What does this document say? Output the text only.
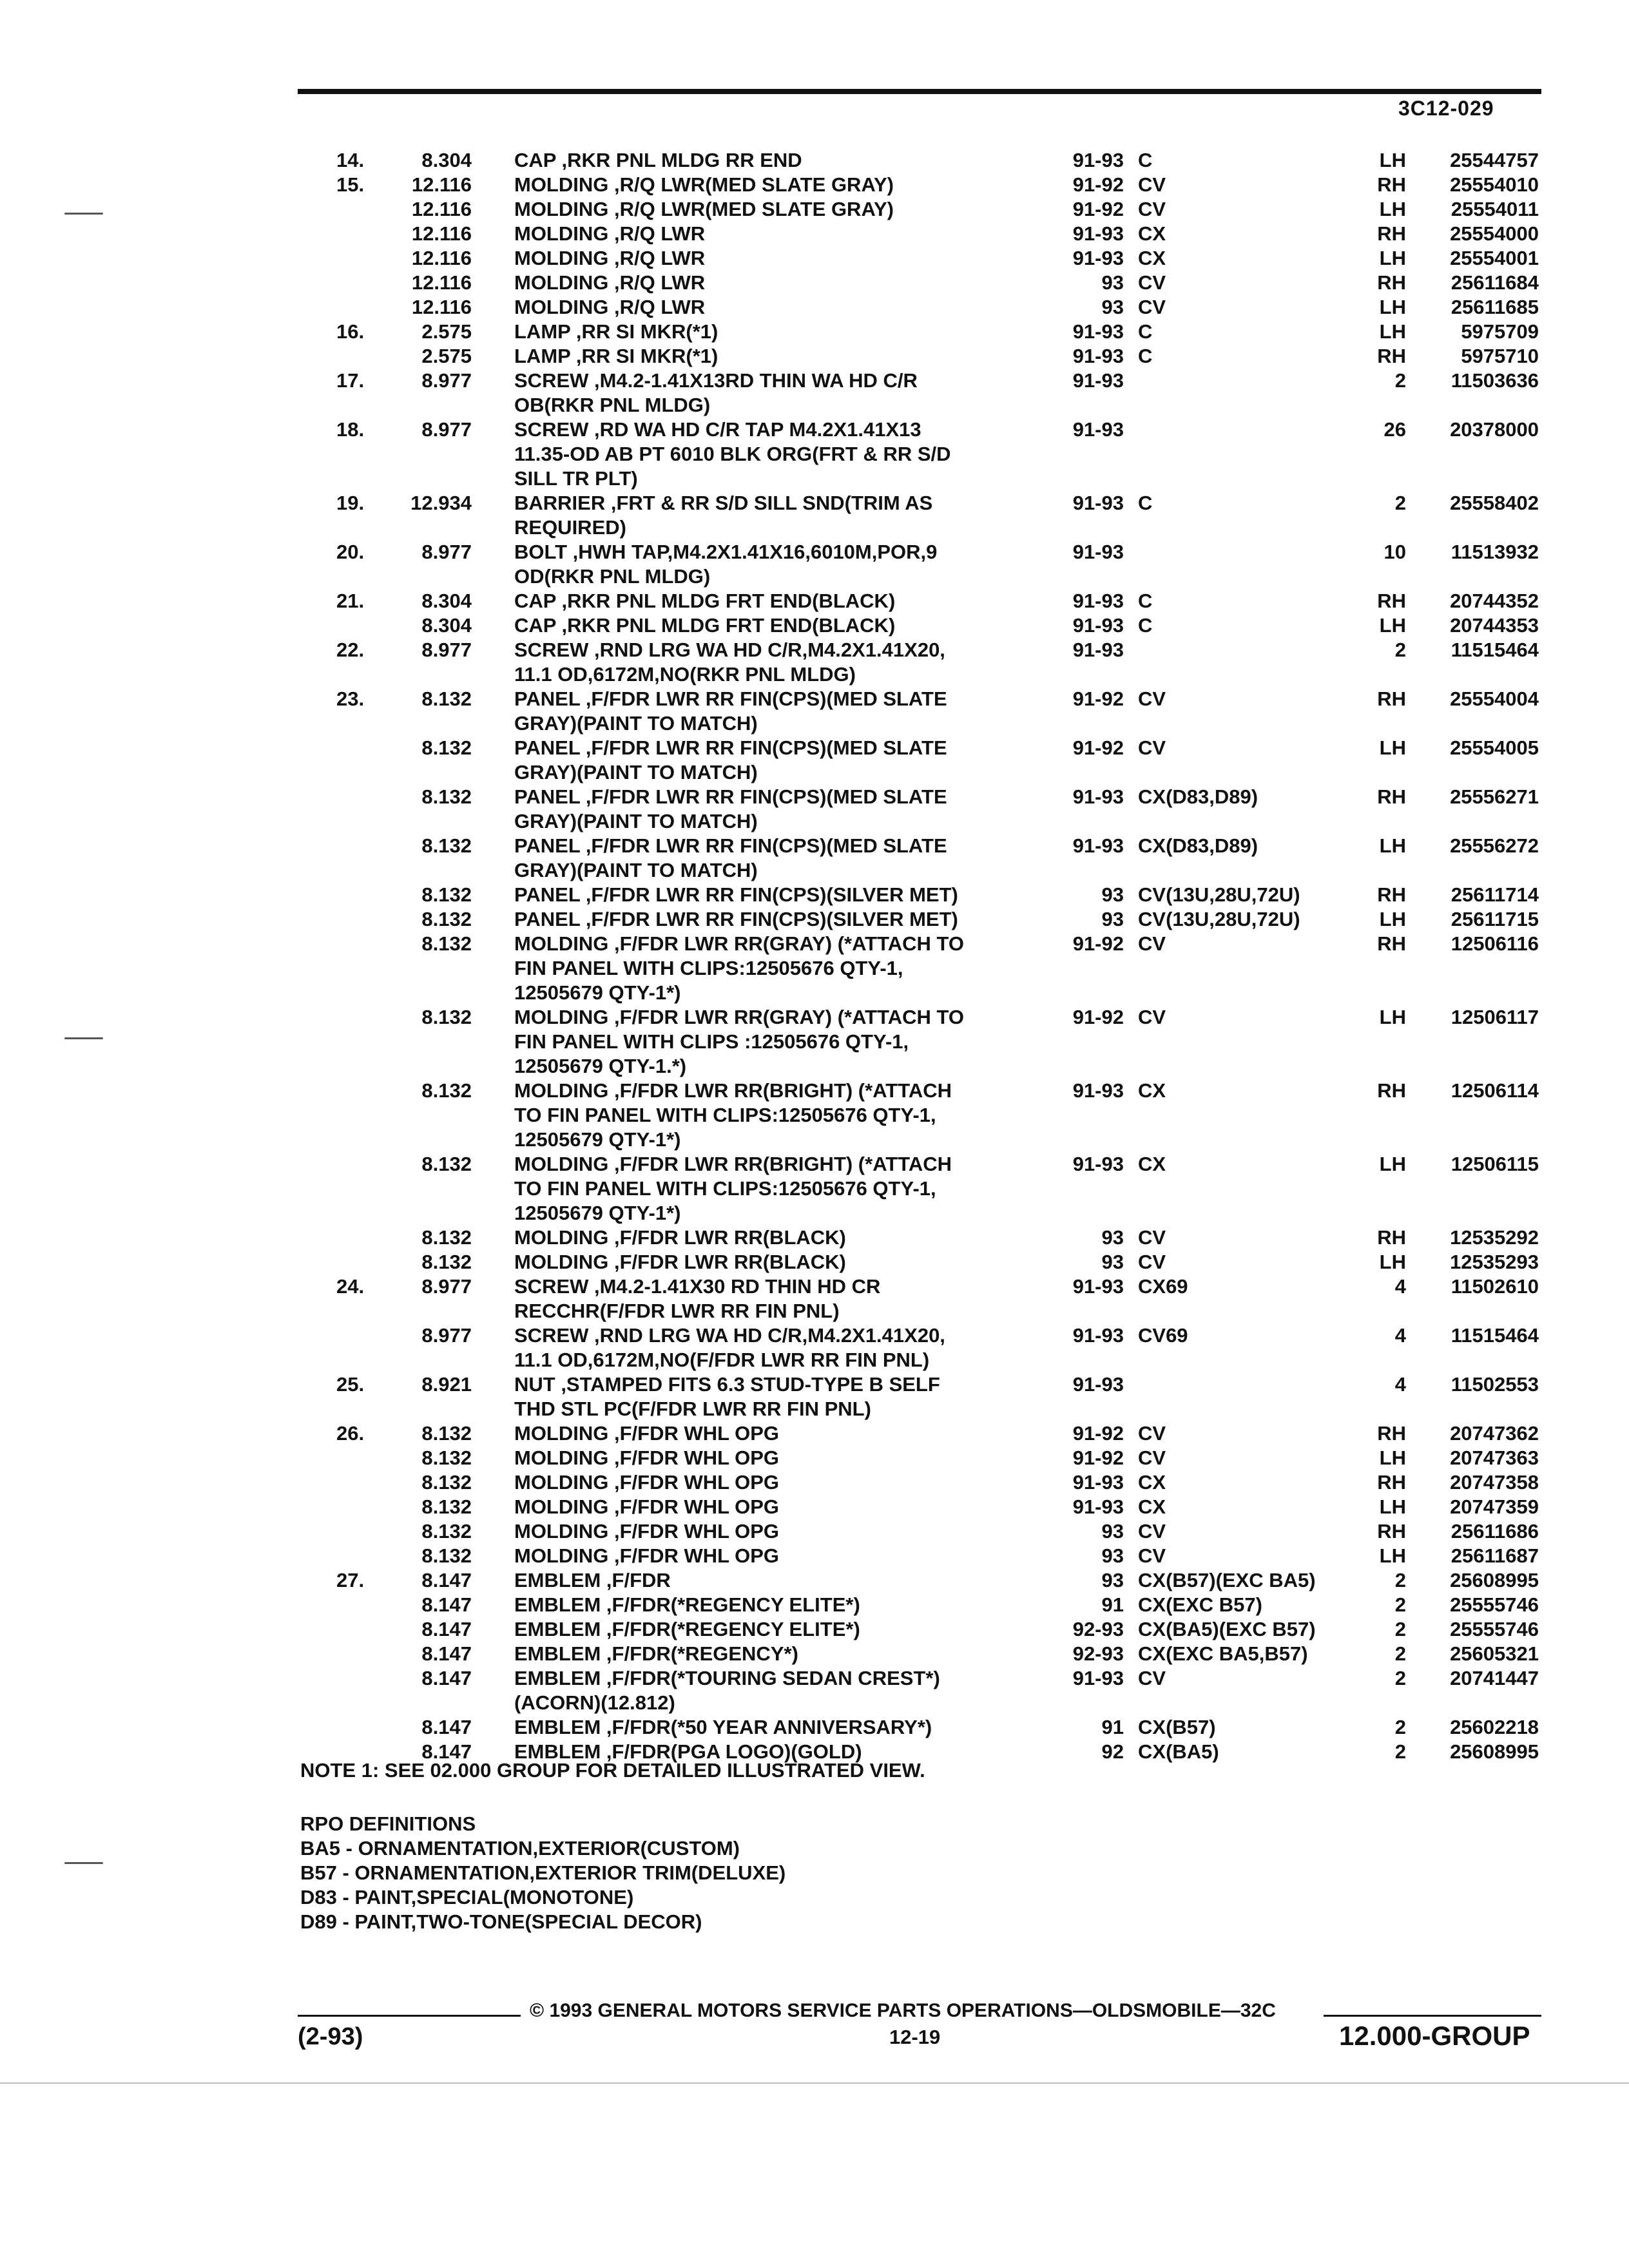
3C12-029
14.	8.304 CAP ,RKR PNL MLDG RR END	91-93 C	LH	25544757
15.	12.116 MOLDING ,R/Q LWR(MED SLATE GRAY)	91-92 CV	RH	25554010
12.116 MOLDING ,R/Q LWR(MED SLATE GRAY)	91-92 CV	LH	25554011
12.116 MOLDING ,R/Q LWR	91-93 CX	RH	25554000
12.116 MOLDING ,R/Q LWR	91-93 CX	LH	25554001
12.116 MOLDING ,R/Q LWR	93 CV	RH	25611684
12.116 MOLDING ,R/Q LWR	93 CV	LH	25611685
16.	2.575 LAMP ,RR SI MKR(*1)	91-93 C	LH	5975709
2.575 LAMP ,RR SI MKR(*1)	91-93 C	RH	5975710
17.	8.977 SCREW ,M4.2-1.41X13RD THIN WA HD C/R
OB(RKR PNL MLDG)
91-93	2	11503636
18.	8.977 SCREW ,RD WA HD C/R TAP M4.2X1.41X13
11.35-OD AB PT 6010 BLK ORG(FRT & RR S/D
SILL TR PLT)
91-93	26	20378000
19.	12.934 BARRIER ,FRT & RR S/D SILL SND(TRIM AS
REQUIRED)
91-93 C	2	25558402
20.	8.977 BOLT ,HWH TAP,M4.2X1.41X16,6010M,POR,9
OD(RKR PNL MLDG)
91-93	10	11513932
21.	8.304 CAP ,RKR PNL MLDG FRT END(BLACK)	91-93 C	RH	20744352
8.304 CAP ,RKR PNL MLDG FRT END(BLACK)	91-93 C	LH	20744353
22.	8.977 SCREW ,RND LRG WA HD C/R,M4.2X1.41X20,
11.1 OD,6172M,NO(RKR PNL MLDG)
91-93	2	11515464
23.	8.132 PANEL ,F/FDR LWR RR FIN(CPS)(MED SLATE
GRAY)(PAINT TO MATCH)
91-92 CV	RH	25554004
8.132 PANEL ,F/FDR LWR RR FIN(CPS)(MED SLATE
GRAY)(PAINT TO MATCH)
91-92 CV	LH	25554005
8.132 PANEL ,F/FDR LWR RR FIN(CPS)(MED SLATE
GRAY)(PAINT TO MATCH)
91-93 CX(D83,D89)	RH	25556271
8.132 PANEL ,F/FDR LWR RR FIN(CPS)(MED SLATE
GRAY)(PAINT TO MATCH)
91-93 CX(D83,D89)	LH	25556272
8.132 PANEL ,F/FDR LWR RR FIN(CPS)(SILVER MET)	93 CV(13U,28U,72U)	RH	25611714
8.132 PANEL ,F/FDR LWR RR FIN(CPS)(SILVER MET)	93 CV(13U,28U,72U)	LH	25611715
8.132 MOLDING ,F/FDR LWR RR(GRAY) (*ATTACH TO
FIN PANEL WITH CLIPS:12505676 QTY-1,
12505679 QTY-1*)
91-92 CV	RH	12506116
8.132 MOLDING ,F/FDR LWR RR(GRAY) (*ATTACH TO
FIN PANEL WITH CLIPS :12505676 QTY-1,
12505679 QTY-1.*)
91-92 CV	LH	12506117
8.132 MOLDING ,F/FDR LWR RR(BRIGHT) (*ATTACH
TO FIN PANEL WITH CLIPS:12505676 QTY-1,
12505679 QTY-1*)
91-93 CX	RH	12506114
8.132 MOLDING ,F/FDR LWR RR(BRIGHT) (*ATTACH
TO FIN PANEL WITH CLIPS:12505676 QTY-1,
12505679 QTY-1*)
91-93 CX	LH	12506115
8.132 MOLDING ,F/FDR LWR RR(BLACK)	93 CV	RH	12535292
8.132 MOLDING ,F/FDR LWR RR(BLACK)	93 CV	LH	12535293
24.	8.977 SCREW ,M4.2-1.41X30 RD THIN HD CR
RECCHR(F/FDR LWR RR FIN PNL)
91-93 CX69	4	11502610
8.977 SCREW ,RND LRG WA HD C/R,M4.2X1.41X20,
11.1 OD,6172M,NO(F/FDR LWR RR FIN PNL)
91-93 CV69	4	11515464
25.	8.921 NUT ,STAMPED FITS 6.3 STUD-TYPE B SELF
THD STL PC(F/FDR LWR RR FIN PNL)
91-93	4	11502553
26.	8.132 MOLDING ,F/FDR WHL OPG	91-92 CV	RH	20747362
8.132 MOLDING ,F/FDR WHL OPG	91-92 CV	LH	20747363
8.132 MOLDING ,F/FDR WHL OPG	91-93 CX	RH	20747358
8.132 MOLDING ,F/FDR WHL OPG	91-93 CX	LH	20747359
8.132 MOLDING ,F/FDR WHL OPG	93 CV	RH	25611686
8.132 MOLDING ,F/FDR WHL OPG	93 CV	LH	25611687
27.	8.147 EMBLEM ,F/FDR	93 CX(B57)(EXC BA5)	2	25608995
8.147 EMBLEM ,F/FDR(*REGENCY ELITE*)	91 CX(EXC B57)	2	25555746
8.147 EMBLEM ,F/FDR(*REGENCY ELITE*)	92-93 CX(BA5)(EXC B57)	2	25555746
8.147 EMBLEM ,F/FDR(*REGENCY*)	92-93 CX(EXC BA5,B57)	2	25605321
8.147 EMBLEM ,F/FDR(*TOURING SEDAN CREST*)
(ACORN)(12.812)
91-93 CV	2	20741447
8.147 EMBLEM ,F/FDR(*50 YEAR ANNIVERSARY*)	91 CX(B57)	2	25602218
8.147 EMBLEM ,F/FDR(PGA LOGO)(GOLD)	92 CX(BA5)	2	25608995
NOTE 1: SEE 02.000 GROUP FOR DETAILED ILLUSTRATED VIEW.
RPO DEFINITIONS
BA5 - ORNAMENTATION,EXTERIOR(CUSTOM)
B57 - ORNAMENTATION,EXTERIOR TRIM(DELUXE)
D83 - PAINT,SPECIAL(MONOTONE)
D89 - PAINT,TWO-TONE(SPECIAL DECOR)
© 1993 GENERAL MOTORS SERVICE PARTS OPERATIONS—OLDSMOBILE—32C
(2-93)	12-19	12.000-GROUP
